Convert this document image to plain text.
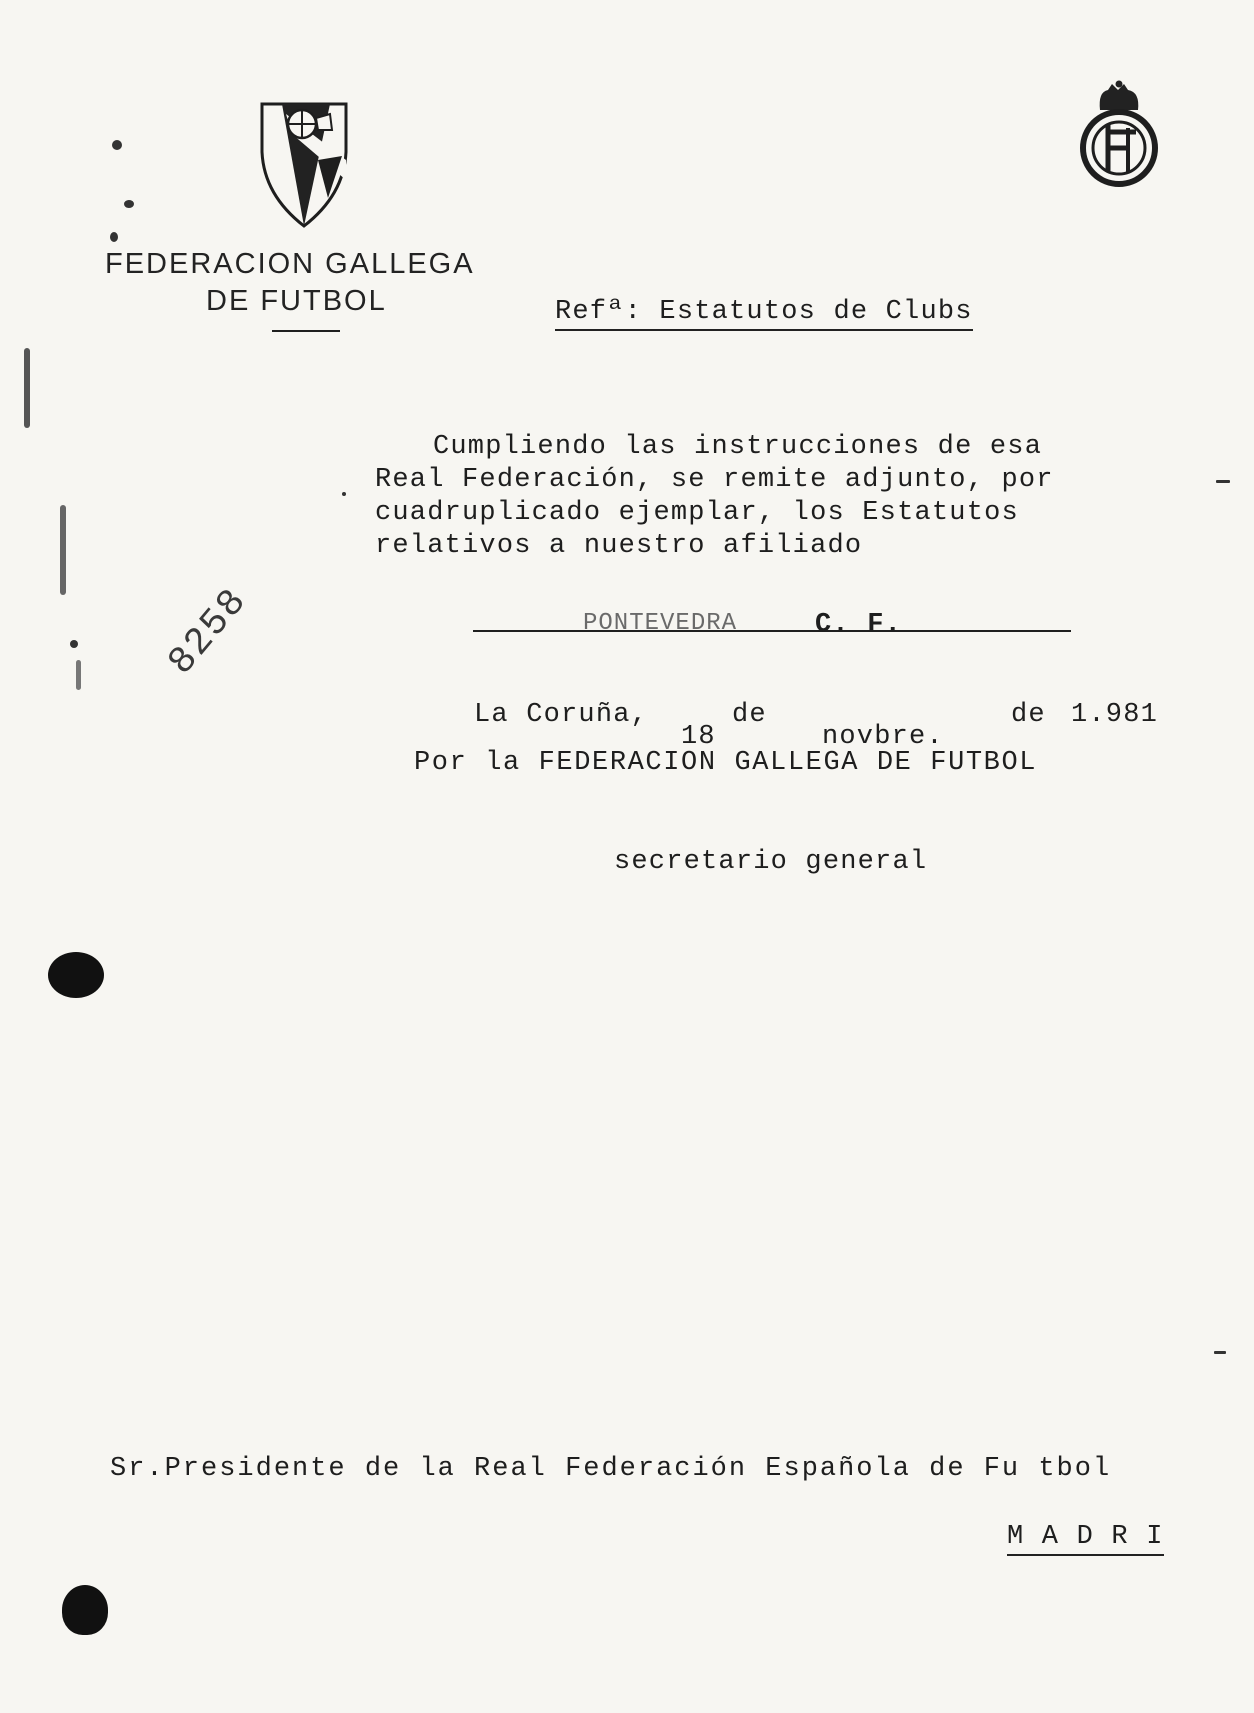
FEDERACION GALLEGA
DE FUTBOL	Refª: Estatutos de Clubs
Cumpliendo las instrucciones de esa
Real Federación, se remite adjunto, por
cuadruplicado ejemplar, los Estatutos
relativos a nuestro afiliado
8258	PONTEVEDRA	C. F.
La Coruña,
18
de
novbre.
de 1.981
Por la FEDERACION GALLEGA DE FUTBOL
secretario general
Sr.Presidente de la Real Federación Española de Fu tbol
M A D R I
